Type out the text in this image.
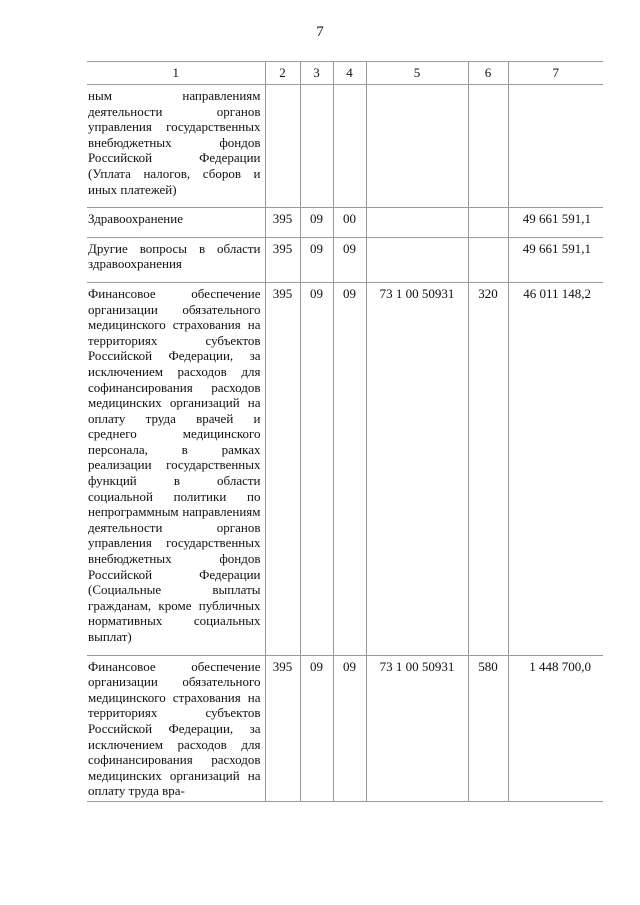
7
1	2	3	4	5	6	7

ным направлениям деятельности органов управления государственных внебюджетных фондов Российской Федерации (Уплата налогов, сборов и иных платежей)						

Здравоохранение	395	09	00			49 661 591,1

Другие вопросы в области здравоохранения	395	09	09			49 661 591,1

Финансовое обеспечение организации обязательного медицинского страхования на территориях субъектов Российской Федерации, за исключением расходов для софинансирования расходов медицинских организаций на оплату труда врачей и среднего медицинского персонала, в рамках реализации государственных функций в области социальной политики по непрограммным направлениям деятельности органов управления государственных внебюджетных фондов Российской Федерации (Социальные выплаты гражданам, кроме публичных нормативных социальных выплат)	395	09	09	73 1 00 50931	320	46 011 148,2

Финансовое обеспечение организации обязательного медицинского страхования на территориях субъектов Российской Федерации, за исключением расходов для софинансирования расходов медицинских организаций на оплату труда вра-	395	09	09	73 1 00 50931	580	1 448 700,0
